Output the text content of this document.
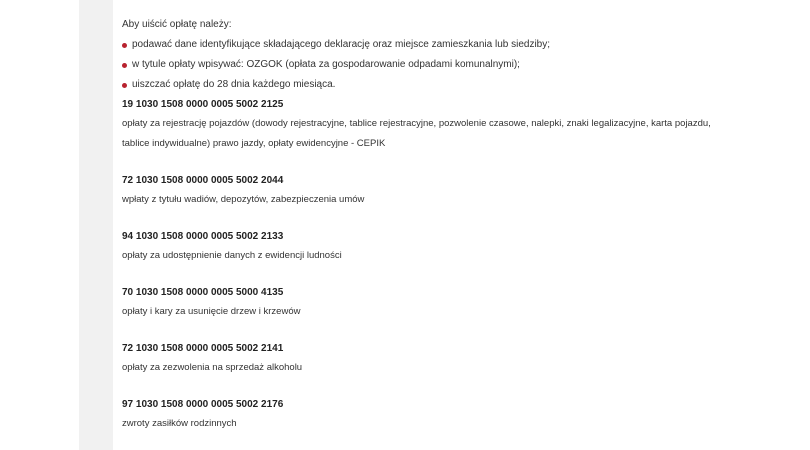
Aby uiścić opłatę należy:
podawać dane identyfikujące składającego deklarację oraz miejsce zamieszkania lub siedziby;
w tytule opłaty wpisywać: OZGOK (opłata za gospodarowanie odpadami komunalnymi);
uiszczać opłatę do 28 dnia każdego miesiąca.
19 1030 1508 0000 0005 5002 2125
opłaty za rejestrację pojazdów (dowody rejestracyjne, tablice rejestracyjne, pozwolenie czasowe, nalepki, znaki legalizacyjne, karta pojazdu, tablice indywidualne) prawo jazdy, opłaty ewidencyjne - CEPIK
72 1030 1508 0000 0005 5002 2044
wpłaty z tytułu wadiów, depozytów, zabezpieczenia umów
94 1030 1508 0000 0005 5002 2133
opłaty za udostępnienie danych z ewidencji ludności
70 1030 1508 0000 0005 5000 4135
opłaty i kary za usunięcie drzew i krzewów
72 1030 1508 0000 0005 5002 2141
opłaty za zezwolenia na sprzedaż alkoholu
97 1030 1508 0000 0005 5002 2176
zwroty zasiłków rodzinnych
